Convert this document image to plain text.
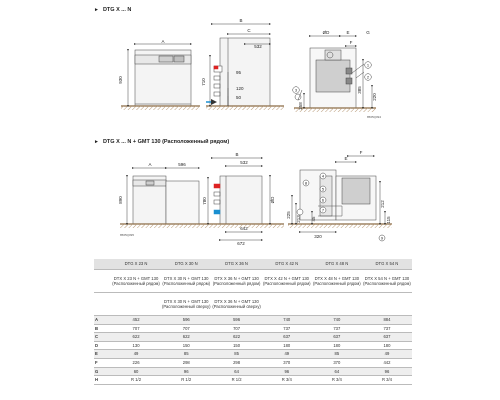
► DTG X ... N
► DTG X ... N + GMT 130 (Расположенный рядом)
A
930
B
C
532
710
95
120
50
ØD	E
F
G
258
385
220
A	596
890
B
532
780
642
672
ØD
E
F
320
225
213 45
212
115
1
2
3
4
5
6
7
8
9
8565Q094
8565Q095
	DTG X 23 N	DTG X 30 N	DTG X 36 N	DTG X 42 N	DTG X 48 N	DTG X 54 N
	DTX X 23 N + GMT 130 (Расположенный рядом)	DTX X 30 N + GMT 130 (Расположенный рядом)	DTX X 36 N + GMT 130 (Расположенный рядом)	DTX X 42 N + GMT 130 (Расположенный рядом)	DTX X 48 N + GMT 130 (Расположенный рядом)	DTX X 54 N + GMT 130 (Расположенный рядом)
		DTX X 30 N + GMT 130 (Расположенный сверху)	DTX X 36 N + GMT 130 (Расположенный сверху)			
A	452	596	596	740	740	884
B	707	707	707	737	737	737
C	622	622	622	637	637	637
D	130	150	150	180	180	180
E	49	85	85	49	85	49
F	226	298	298	370	370	442
G	60	96	64	96	64	96
H	R 1/2	R 1/2	R 1/2	R 3/4	R 3/4	R 3/4
